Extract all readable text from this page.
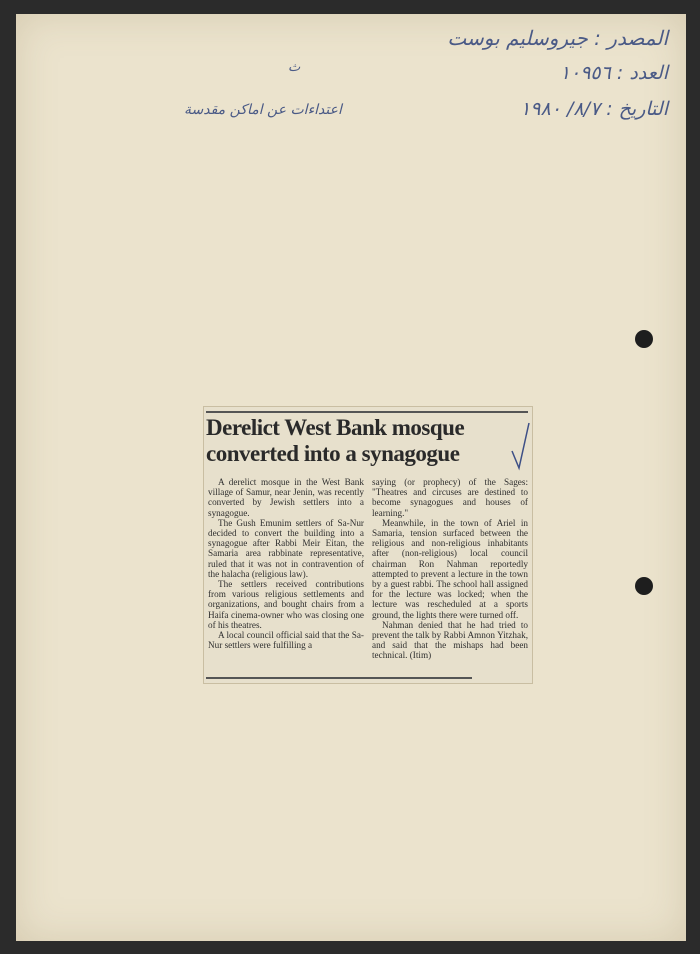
المصدر : جيروسليم بوست
العدد : ١٠٩٥٦
التاريخ : ٨/٧/ ١٩٨٠
اعتداءات عن اماكن مقدسة
ث
Derelict West Bank mosque converted into a synagogue

A derelict mosque in the West Bank village of Samur, near Jenin, was recently converted by Jewish settlers into a synagogue.

The Gush Emunim settlers of Sa-Nur decided to convert the building into a synagogue after Rabbi Meir Eitan, the Samaria area rabbinate representative, ruled that it was not in contravention of the halacha (religious law).

The settlers received contributions from various religious settlements and organizations, and bought chairs from a Haifa cinema-owner who was closing one of his theatres.

A local council official said that the Sa-Nur settlers were fulfilling a

saying (or prophecy) of the Sages: "Theatres and circuses are destined to become synagogues and houses of learning."

Meanwhile, in the town of Ariel in Samaria, tension surfaced between the religious and non-religious inhabitants after (non-religious) local council chairman Ron Nahman reportedly attempted to prevent a lecture in the town by a guest rabbi. The school hall assigned for the lecture was locked; when the lecture was rescheduled at a sports ground, the lights there were turned off.

Nahman denied that he had tried to prevent the talk by Rabbi Amnon Yitzhak, and said that the mishaps had been technical. (Itim)
